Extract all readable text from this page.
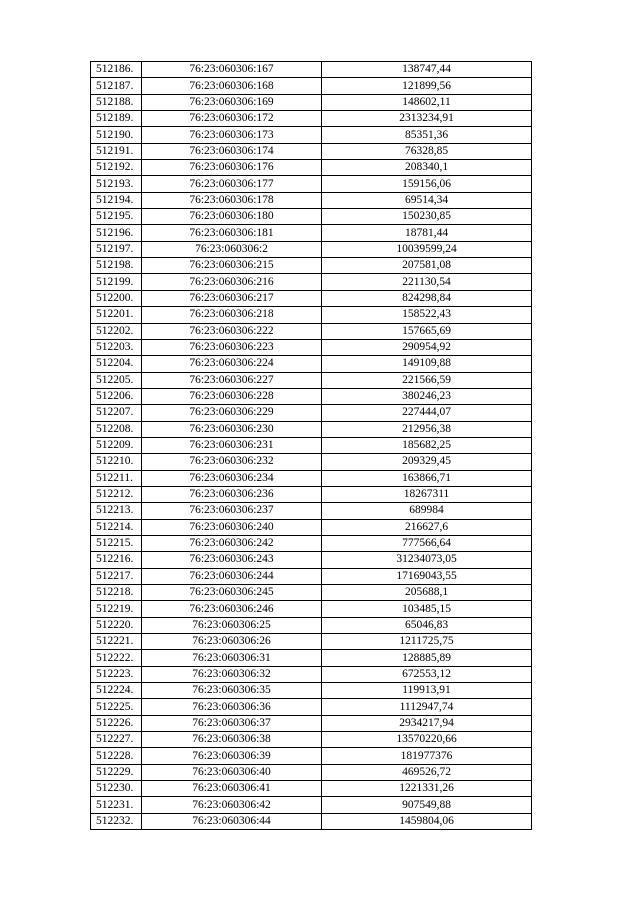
512186.	76:23:060306:167	138747,44
512187.	76:23:060306:168	121899,56
512188.	76:23:060306:169	148602,11
512189.	76:23:060306:172	2313234,91
512190.	76:23:060306:173	85351,36
512191.	76:23:060306:174	76328,85
512192.	76:23:060306:176	208340,1
512193.	76:23:060306:177	159156,06
512194.	76:23:060306:178	69514,34
512195.	76:23:060306:180	150230,85
512196.	76:23:060306:181	18781,44
512197.	76:23:060306:2	10039599,24
512198.	76:23:060306:215	207581,08
512199.	76:23:060306:216	221130,54
512200.	76:23:060306:217	824298,84
512201.	76:23:060306:218	158522,43
512202.	76:23:060306:222	157665,69
512203.	76:23:060306:223	290954,92
512204.	76:23:060306:224	149109,88
512205.	76:23:060306:227	221566,59
512206.	76:23:060306:228	380246,23
512207.	76:23:060306:229	227444,07
512208.	76:23:060306:230	212956,38
512209.	76:23:060306:231	185682,25
512210.	76:23:060306:232	209329,45
512211.	76:23:060306:234	163866,71
512212.	76:23:060306:236	18267311
512213.	76:23:060306:237	689984
512214.	76:23:060306:240	216627,6
512215.	76:23:060306:242	777566,64
512216.	76:23:060306:243	31234073,05
512217.	76:23:060306:244	17169043,55
512218.	76:23:060306:245	205688,1
512219.	76:23:060306:246	103485,15
512220.	76:23:060306:25	65046,83
512221.	76:23:060306:26	1211725,75
512222.	76:23:060306:31	128885,89
512223.	76:23:060306:32	672553,12
512224.	76:23:060306:35	119913,91
512225.	76:23:060306:36	1112947,74
512226.	76:23:060306:37	2934217,94
512227.	76:23:060306:38	13570220,66
512228.	76:23:060306:39	181977376
512229.	76:23:060306:40	469526,72
512230.	76:23:060306:41	1221331,26
512231.	76:23:060306:42	907549,88
512232.	76:23:060306:44	1459804,06
